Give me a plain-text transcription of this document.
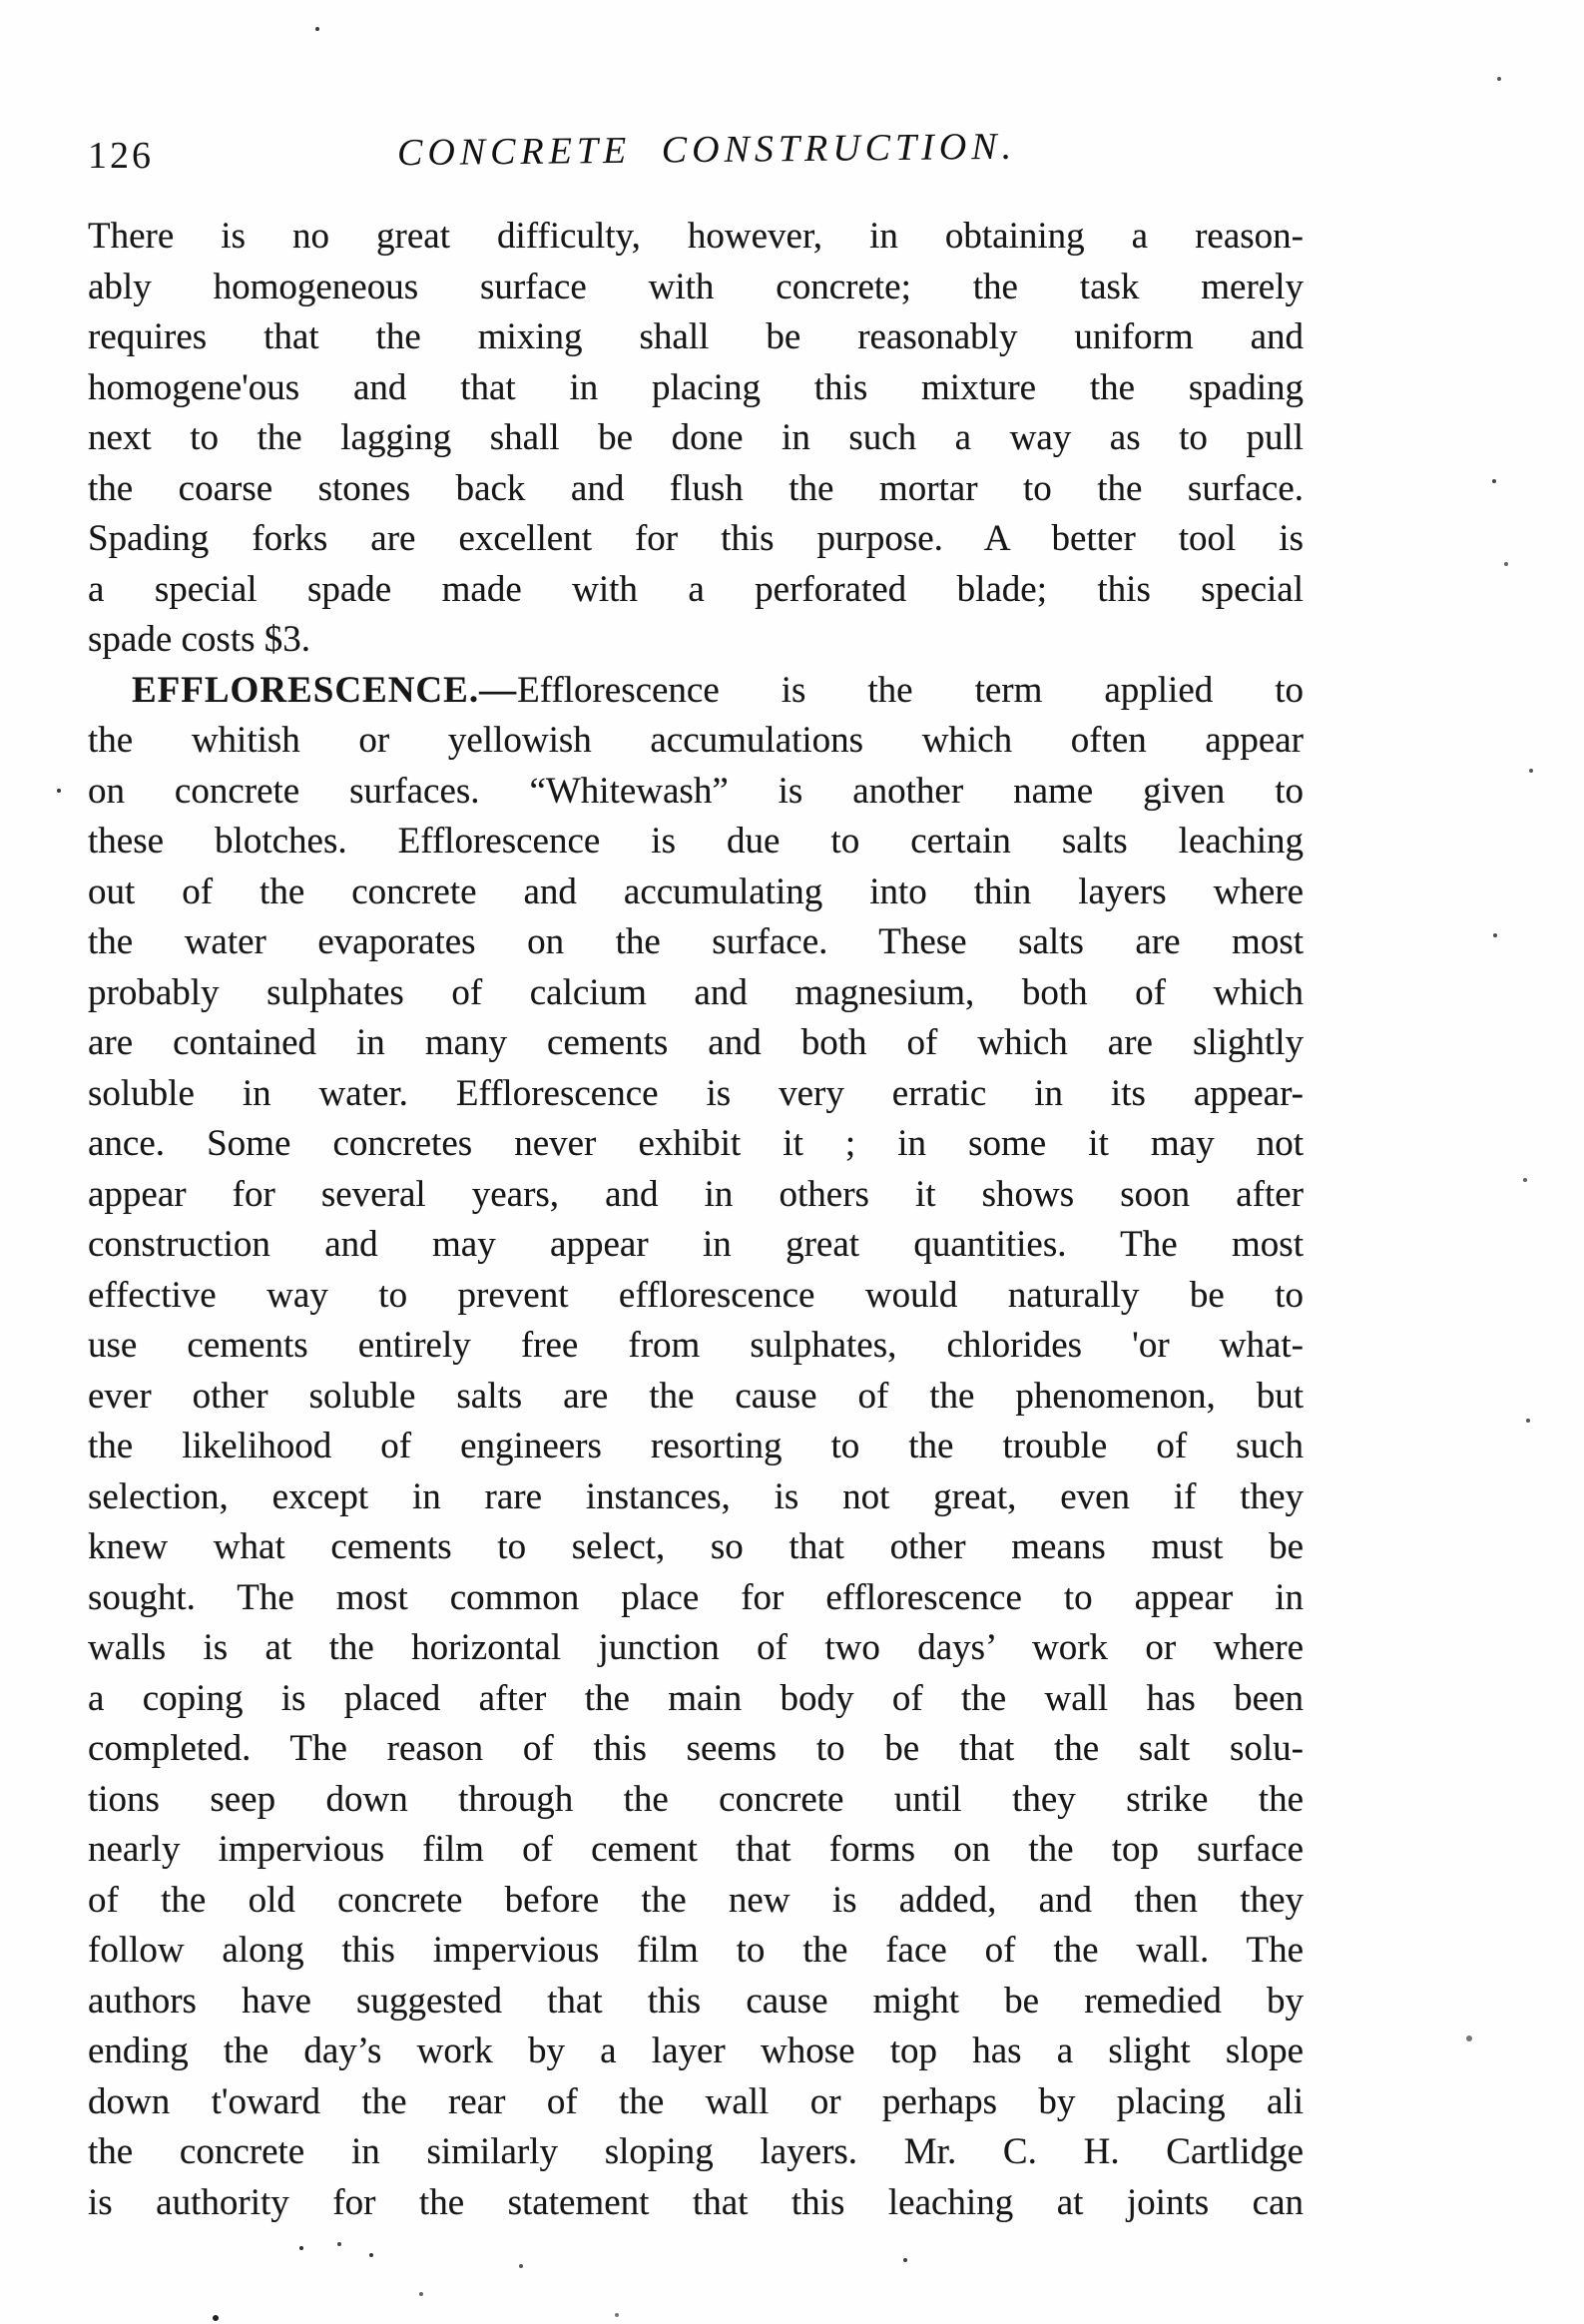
126	CONCRETE CONSTRUCTION.
There is no great difficulty, however, in obtaining a reason-
ably homogeneous surface with concrete; the task merely
requires that the mixing shall be reasonably uniform and
homogene'ous and that in placing this mixture the spading
next to the lagging shall be done in such a way as to pull
the coarse stones back and flush the mortar to the surface.
Spading forks are excellent for this purpose. A better tool is
a special spade made with a perforated blade; this special
spade costs $3.
EFFLORESCENCE.—Efflorescence is the term applied to
the whitish or yellowish accumulations which often appear
on concrete surfaces. “Whitewash” is another name given to
these blotches. Efflorescence is due to certain salts leaching
out of the concrete and accumulating into thin layers where
the water evaporates on the surface. These salts are most
probably sulphates of calcium and magnesium, both of which
are contained in many cements and both of which are slightly
soluble in water. Efflorescence is very erratic in its appear-
ance. Some concretes never exhibit it ; in some it may not
appear for several years, and in others it shows soon after
construction and may appear in great quantities. The most
effective way to prevent efflorescence would naturally be to
use cements entirely free from sulphates, chlorides 'or what-
ever other soluble salts are the cause of the phenomenon, but
the likelihood of engineers resorting to the trouble of such
selection, except in rare instances, is not great, even if they
knew what cements to select, so that other means must be
sought. The most common place for efflorescence to appear in
walls is at the horizontal junction of two days’ work or where
a coping is placed after the main body of the wall has been
completed. The reason of this seems to be that the salt solu-
tions seep down through the concrete until they strike the
nearly impervious film of cement that forms on the top surface
of the old concrete before the new is added, and then they
follow along this impervious film to the face of the wall. The
authors have suggested that this cause might be remedied by
ending the day’s work by a layer whose top has a slight slope
down t'oward the rear of the wall or perhaps by placing ali
the concrete in similarly sloping layers. Mr. C. H. Cartlidge
is authority for the statement that this leaching at joints can
